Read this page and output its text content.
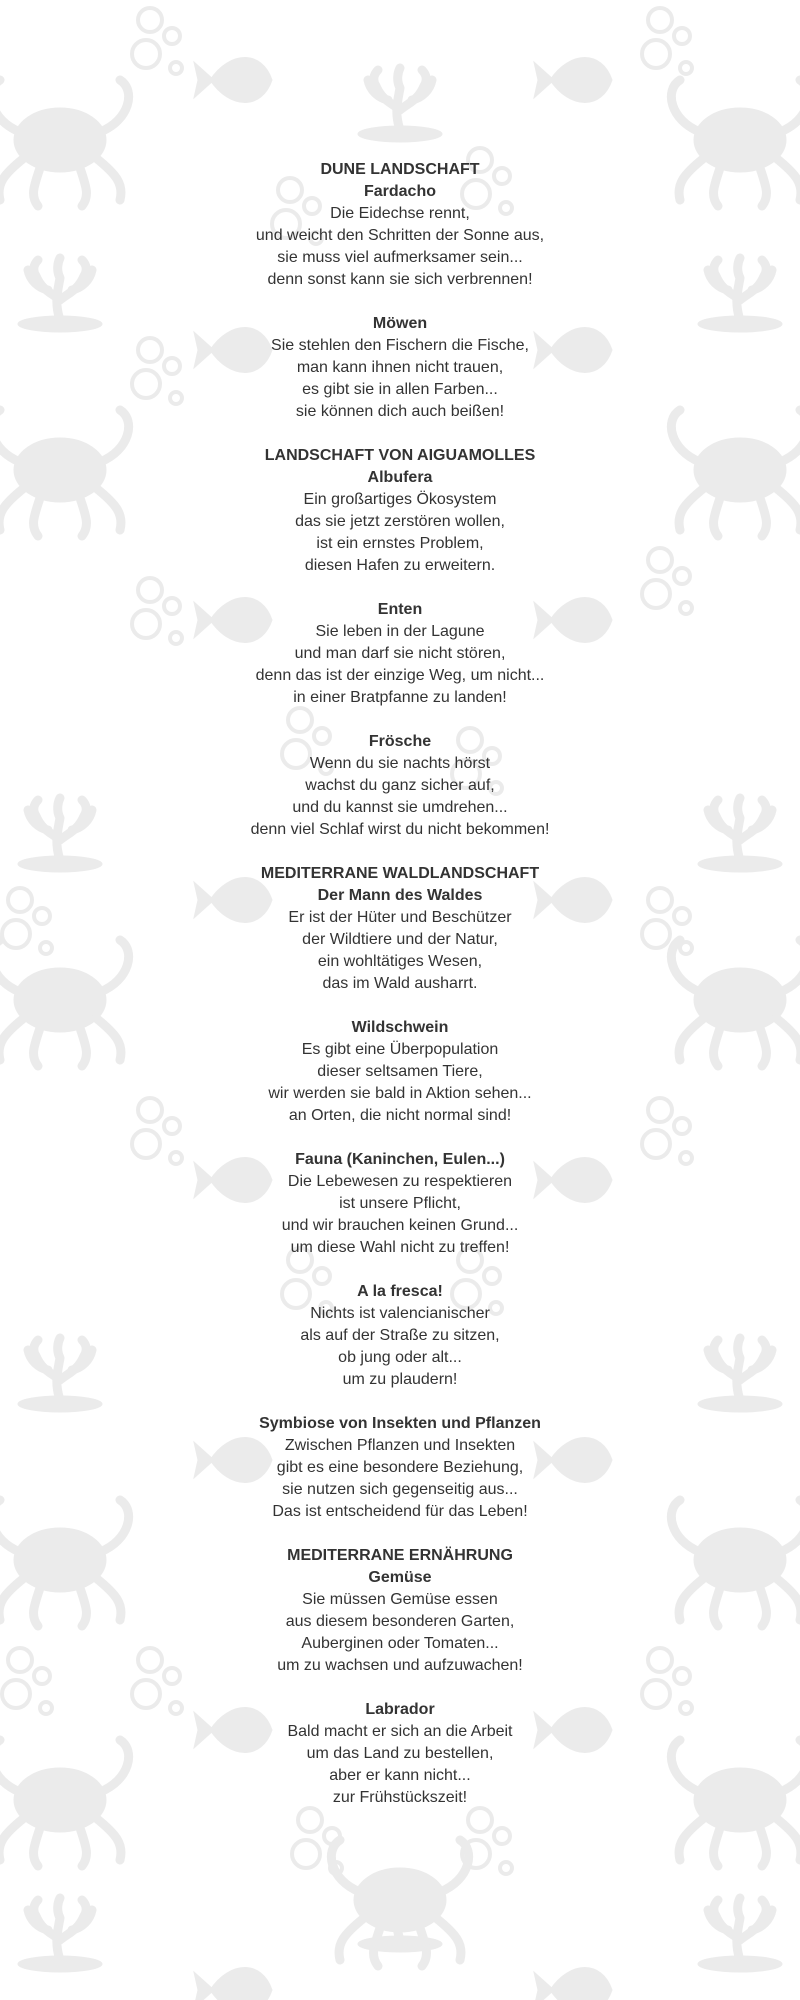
DUNE LANDSCHAFT

Fardacho

Die Eidechse rennt,

und weicht den Schritten der Sonne aus,

sie muss viel aufmerksamer sein...

denn sonst kann sie sich verbrennen!

Möwen

Sie stehlen den Fischern die Fische,

man kann ihnen nicht trauen,

es gibt sie in allen Farben...

sie können dich auch beißen!

LANDSCHAFT VON AIGUAMOLLES

Albufera

Ein großartiges Ökosystem

das sie jetzt zerstören wollen,

ist ein ernstes Problem,

diesen Hafen zu erweitern.

Enten

Sie leben in der Lagune

und man darf sie nicht stören,

denn das ist der einzige Weg, um nicht...

in einer Bratpfanne zu landen!

Frösche

Wenn du sie nachts hörst

wachst du ganz sicher auf,

und du kannst sie umdrehen...

denn viel Schlaf wirst du nicht bekommen!

MEDITERRANE WALDLANDSCHAFT

Der Mann des Waldes

Er ist der Hüter und Beschützer

der Wildtiere und der Natur,

ein wohltätiges Wesen,

das im Wald ausharrt.

Wildschwein

Es gibt eine Überpopulation

dieser seltsamen Tiere,

wir werden sie bald in Aktion sehen...

an Orten, die nicht normal sind!

Fauna (Kaninchen, Eulen...)

Die Lebewesen zu respektieren

ist unsere Pflicht,

und wir brauchen keinen Grund...

um diese Wahl nicht zu treffen!

A la fresca!

Nichts ist valencianischer

als auf der Straße zu sitzen,

ob jung oder alt...

um zu plaudern!

Symbiose von Insekten und Pflanzen

Zwischen Pflanzen und Insekten

gibt es eine besondere Beziehung,

sie nutzen sich gegenseitig aus...

Das ist entscheidend für das Leben!

MEDITERRANE ERNÄHRUNG

Gemüse

Sie müssen Gemüse essen

aus diesem besonderen Garten,

Auberginen oder Tomaten...

um zu wachsen und aufzuwachen!

Labrador

Bald macht er sich an die Arbeit

um das Land zu bestellen,

aber er kann nicht...

zur Frühstückszeit!
